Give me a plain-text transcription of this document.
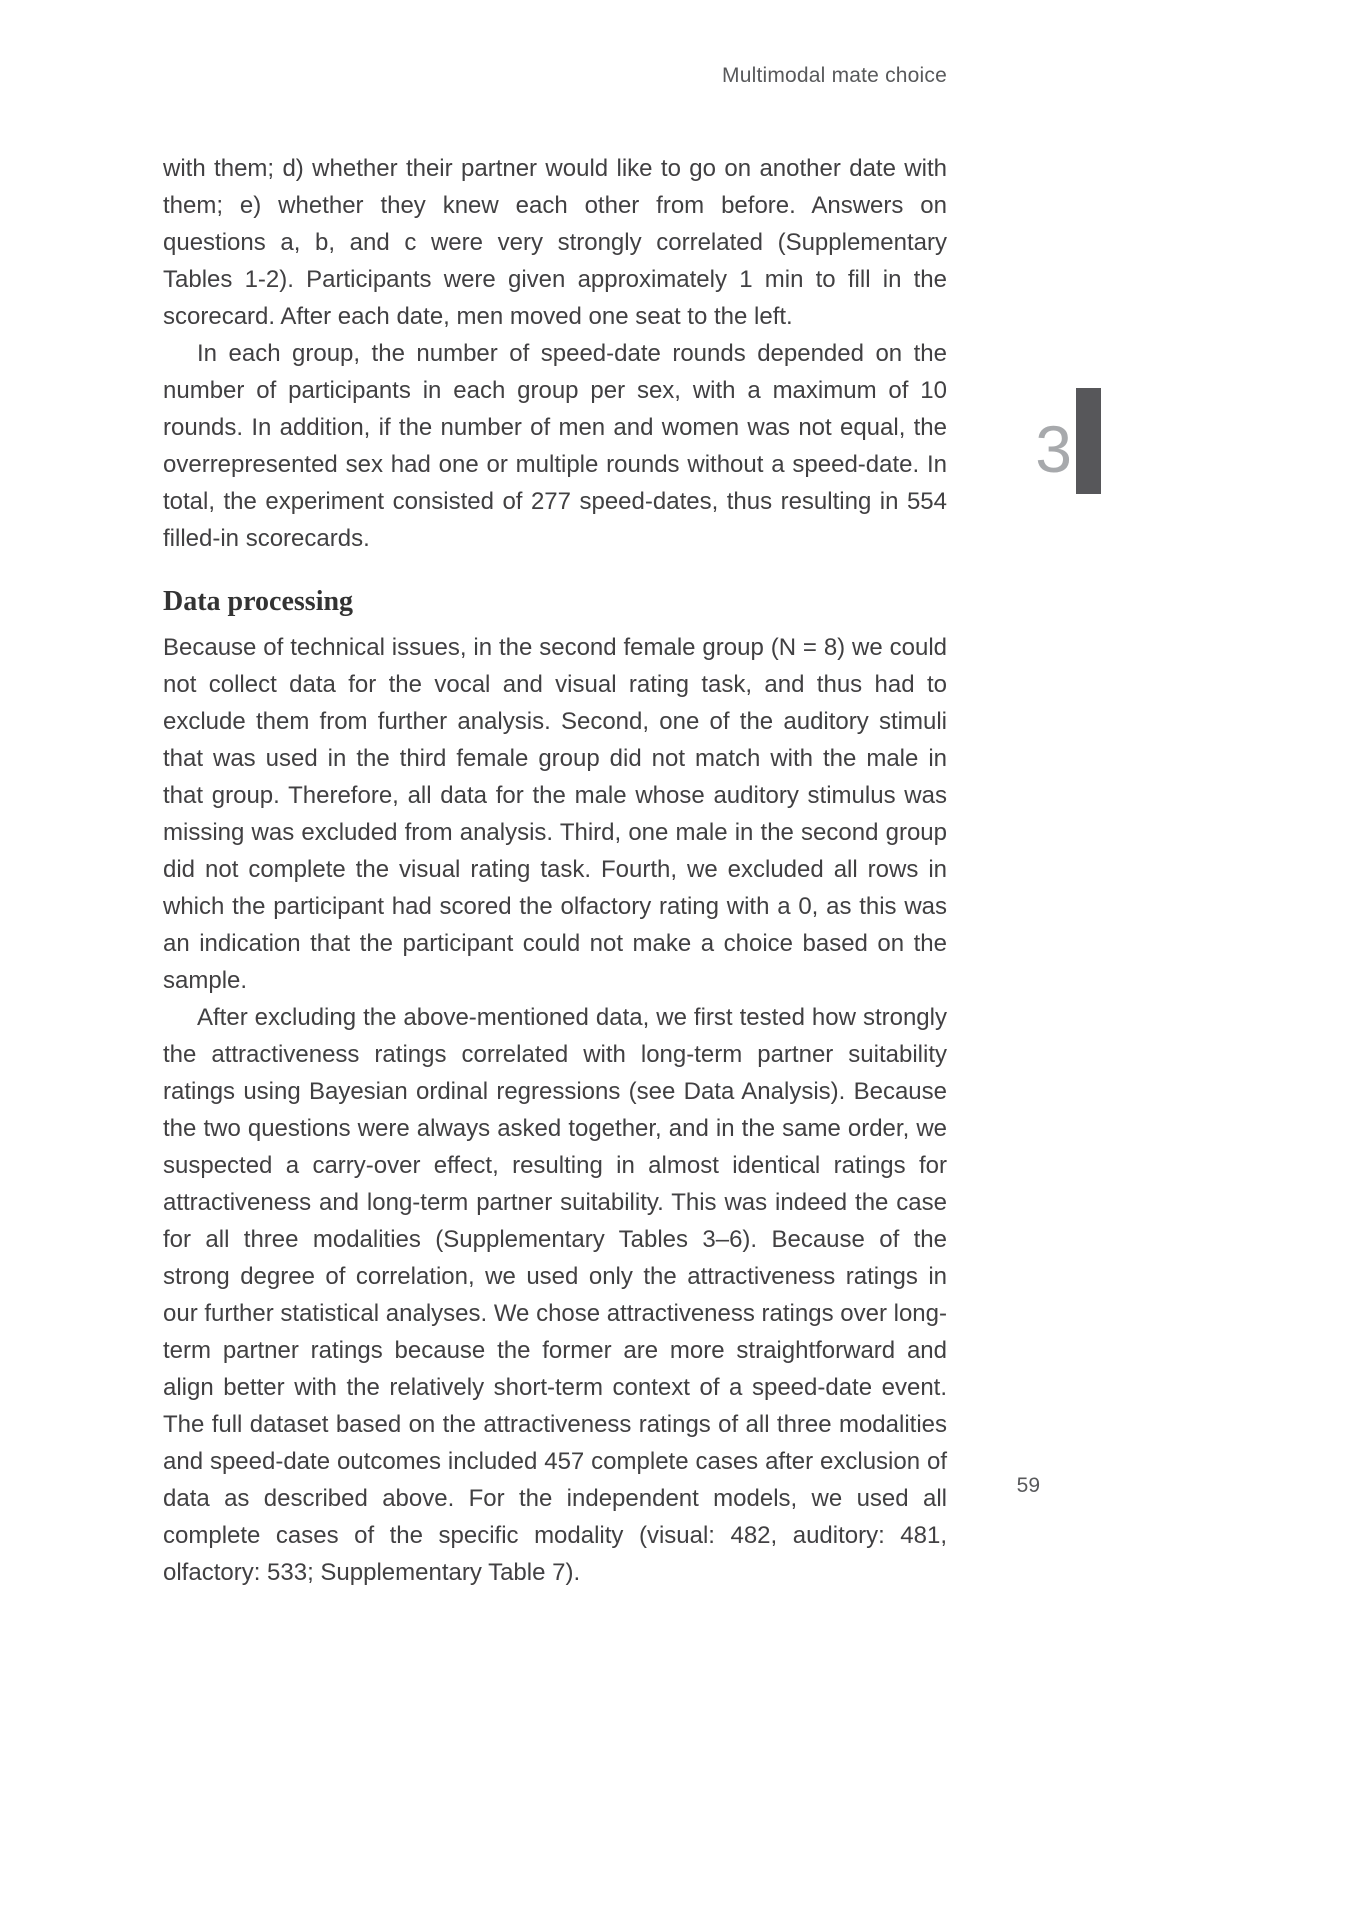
Multimodal mate choice
3

with them; d) whether their partner would like to go on another date with them; e) whether they knew each other from before. Answers on questions a, b, and c were very strongly correlated (Supplementary Tables 1-2). Participants were given approximately 1 min to fill in the scorecard. After each date, men moved one seat to the left.

In each group, the number of speed-date rounds depended on the number of participants in each group per sex, with a maximum of 10 rounds. In addition, if the number of men and women was not equal, the overrepresented sex had one or multiple rounds without a speed-date. In total, the experiment consisted of 277 speed-dates, thus resulting in 554 filled-in scorecards.

Data processing

Because of technical issues, in the second female group (N = 8) we could not collect data for the vocal and visual rating task, and thus had to exclude them from further analysis. Second, one of the auditory stimuli that was used in the third female group did not match with the male in that group. Therefore, all data for the male whose auditory stimulus was missing was excluded from analysis. Third, one male in the second group did not complete the visual rating task. Fourth, we excluded all rows in which the participant had scored the olfactory rating with a 0, as this was an indication that the participant could not make a choice based on the sample.

After excluding the above-mentioned data, we first tested how strongly the attractiveness ratings correlated with long-term partner suitability ratings using Bayesian ordinal regressions (see Data Analysis). Because the two questions were always asked together, and in the same order, we suspected a carry-over effect, resulting in almost identical ratings for attractiveness and long-term partner suitability. This was indeed the case for all three modalities (Supplementary Tables 3–6). Because of the strong degree of correlation, we used only the attractiveness ratings in our further statistical analyses. We chose attractiveness ratings over long-term partner ratings because the former are more straightforward and align better with the relatively short-term context of a speed-date event. The full dataset based on the attractiveness ratings of all three modalities and speed-date outcomes included 457 complete cases after exclusion of data as described above. For the independent models, we used all complete cases of the specific modality (visual: 482, auditory: 481, olfactory: 533; Supplementary Table 7).

59
